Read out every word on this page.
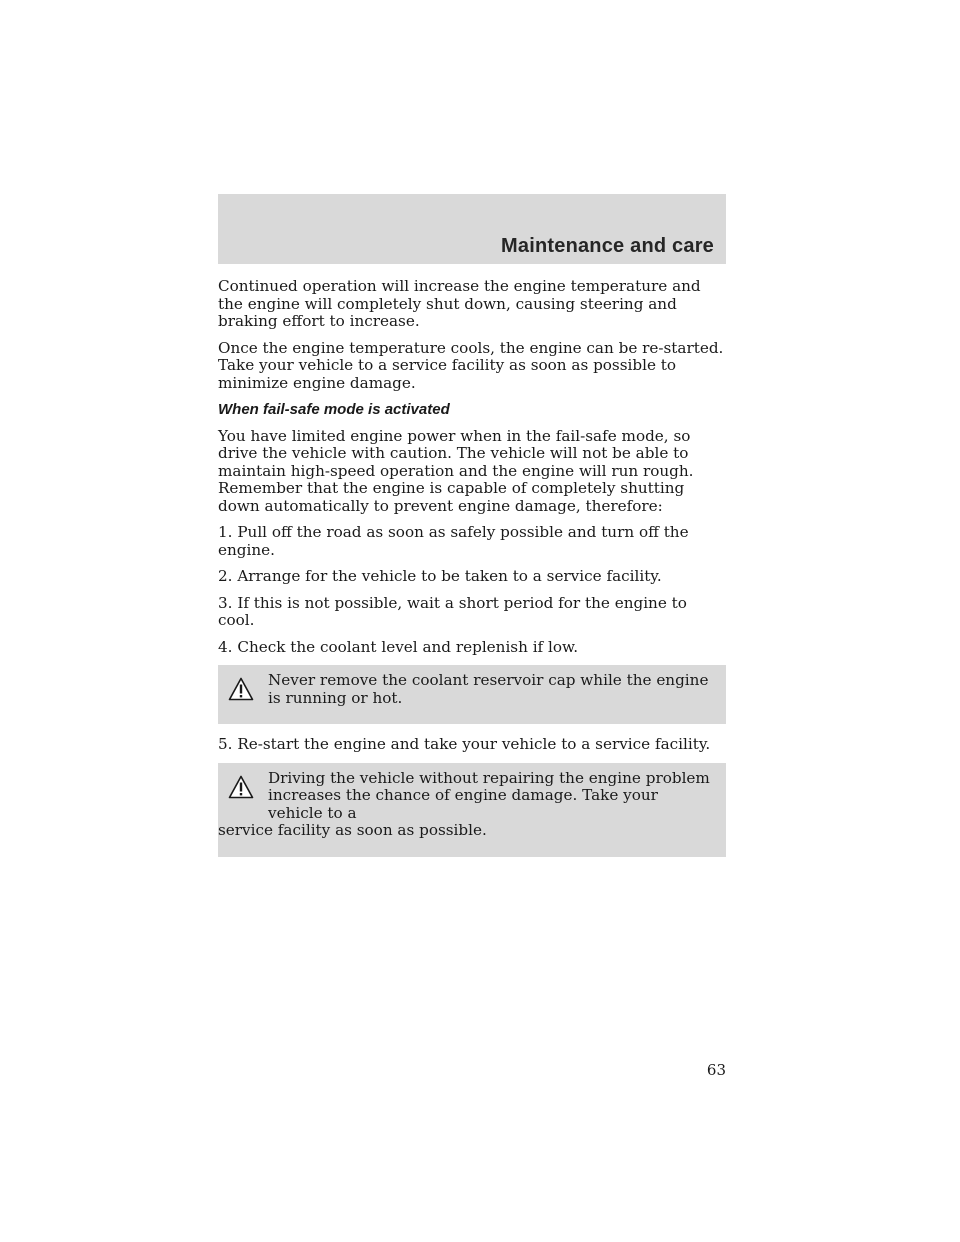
Maintenance and care

Continued operation will increase the engine temperature and the engine will completely shut down, causing steering and braking effort to increase.

Once the engine temperature cools, the engine can be re-started. Take your vehicle to a service facility as soon as possible to minimize engine damage.

When fail-safe mode is activated

You have limited engine power when in the fail-safe mode, so drive the vehicle with caution. The vehicle will not be able to maintain high-speed operation and the engine will run rough. Remember that the engine is capable of completely shutting down automatically to prevent engine damage, therefore:

1. Pull off the road as soon as safely possible and turn off the engine.

2. Arrange for the vehicle to be taken to a service facility.

3. If this is not possible, wait a short period for the engine to cool.

4. Check the coolant level and replenish if low.

Never remove the coolant reservoir cap while the engine is running or hot.

5. Re-start the engine and take your vehicle to a service facility.

Driving the vehicle without repairing the engine problem increases the chance of engine damage. Take your vehicle to a
service facility as soon as possible.

63
